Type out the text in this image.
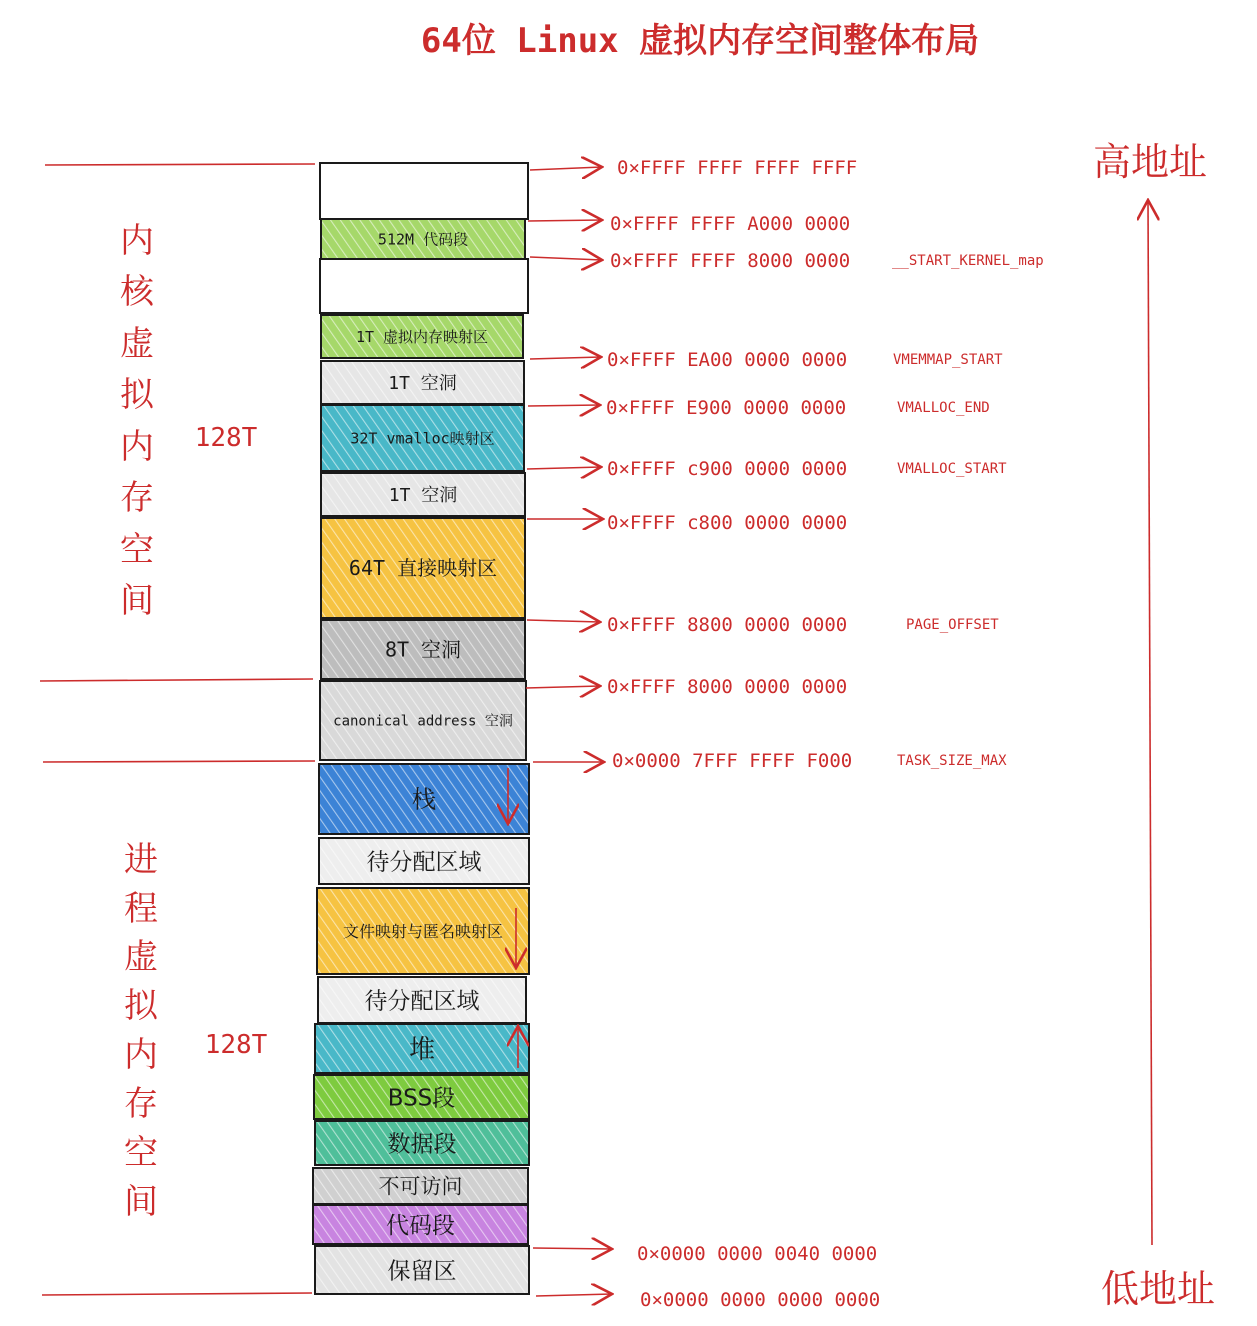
64位 Linux 虚拟内存空间整体布局
内
核
虚
拟
内
存
空
间
进
程
虚
拟
内
存
空
间
128T
128T
512M 代码段
1T 虚拟内存映射区
1T 空洞
32T vmalloc映射区
1T 空洞
64T 直接映射区
8T 空洞
canonical address 空洞
栈
待分配区域
文件映射与匿名映射区
待分配区域
堆
BSS段
数据段
不可访问
代码段
保留区
0×FFFF FFFF FFFF FFFF
0×FFFF FFFF A000 0000
0×FFFF FFFF 8000 0000	__START_KERNEL_map
0×FFFF EA00 0000 0000	VMEMMAP_START
0×FFFF E900 0000 0000	VMALLOC_END
0×FFFF c900 0000 0000	VMALLOC_START
0×FFFF c800 0000 0000
0×FFFF 8800 0000 0000	PAGE_OFFSET
0×FFFF 8000 0000 0000
0×0000 7FFF FFFF F000	TASK_SIZE_MAX
0×0000 0000 0040 0000
0×0000 0000 0000 0000
高地址
低地址
